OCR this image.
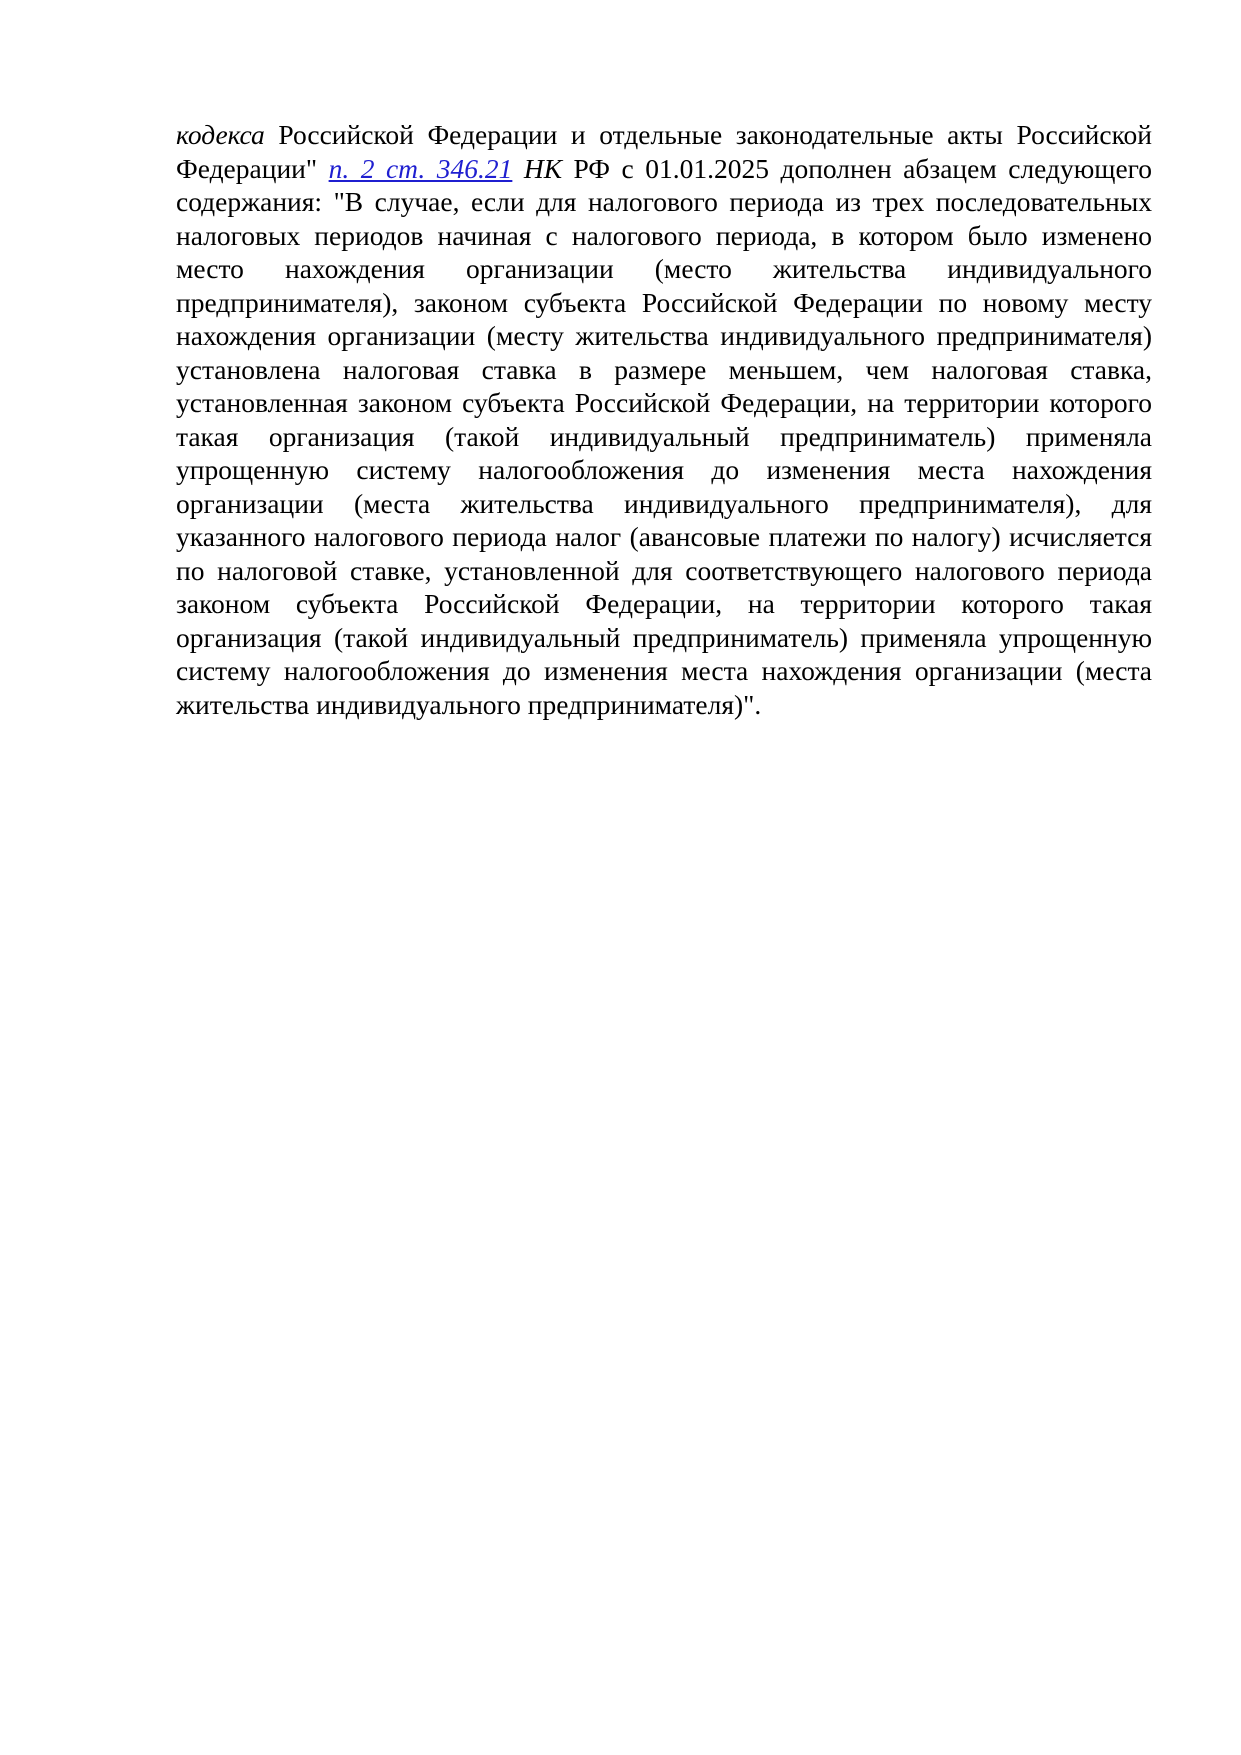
кодекса Российской Федерации и отдельные законодательные акты Российской Федерации" п. 2 ст. 346.21 НК РФ с 01.01.2025 дополнен абзацем следующего содержания: "В случае, если для налогового периода из трех последовательных налоговых периодов начиная с налогового периода, в котором было изменено место нахождения организации (место жительства индивидуального предпринимателя), законом субъекта Российской Федерации по новому месту нахождения организации (месту жительства индивидуального предпринимателя) установлена налоговая ставка в размере меньшем, чем налоговая ставка, установленная законом субъекта Российской Федерации, на территории которого такая организация (такой индивидуальный предприниматель) применяла упрощенную систему налогообложения до изменения места нахождения организации (места жительства индивидуального предпринимателя), для указанного налогового периода налог (авансовые платежи по налогу) исчисляется по налоговой ставке, установленной для соответствующего налогового периода законом субъекта Российской Федерации, на территории которого такая организация (такой индивидуальный предприниматель) применяла упрощенную систему налогообложения до изменения места нахождения организации (места жительства индивидуального предпринимателя)".
